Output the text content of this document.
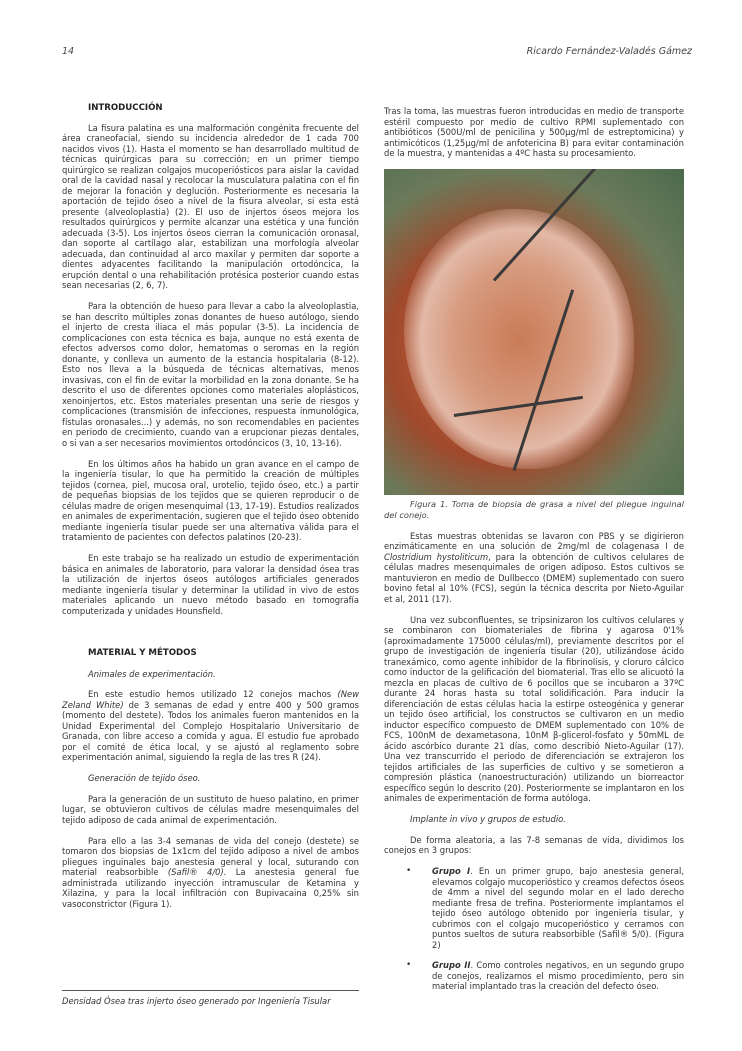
14	Ricardo Fernández-Valadés Gámez
INTRODUCCIÓN

La fisura palatina es una malformación congénita frecuente del área craneofacial, siendo su incidencia alrededor de 1 cada 700 nacidos vivos (1). Hasta el momento se han desarrollado multitud de técnicas quirúrgicas para su corrección; en un primer tiempo quirúrgico se realizan colgajos mucoperiósticos para aislar la cavidad oral de la cavidad nasal y recolocar la musculatura palatina con el fin de mejorar la fonación y deglución. Posteriormente es necesaria la aportación de tejido óseo a nivel de la fisura alveolar, si esta está presente (alveoloplastia) (2). El uso de injertos óseos mejora los resultados quirúrgicos y permite alcanzar una estética y una función adecuada (3-5). Los injertos óseos cierran la comunicación oronasal, dan soporte al cartílago alar, estabilizan una morfología alveolar adecuada, dan continuidad al arco maxilar y permiten dar soporte a dientes adyacentes facilitando la manipulación ortodóncica, la erupción dental o una rehabilitación protésica posterior cuando estas sean necesarias (2, 6, 7).

Para la obtención de hueso para llevar a cabo la alveoloplastia, se han descrito múltiples zonas donantes de hueso autólogo, siendo el injerto de cresta iliaca el más popular (3-5). La incidencia de complicaciones con esta técnica es baja, aunque no está exenta de efectos adversos como dolor, hematomas o seromas en la región donante, y conlleva un aumento de la estancia hospitalaria (8-12). Esto nos lleva a la búsqueda de técnicas alternativas, menos invasivas, con el fin de evitar la morbilidad en la zona donante. Se ha descrito el uso de diferentes opciones como materiales aloplásticos, xenoinjertos, etc. Estos materiales presentan una serie de riesgos y complicaciones (transmisión de infecciones, respuesta inmunológica, fístulas oronasales...) y además, no son recomendables en pacientes en periodo de crecimiento, cuando van a erupcionar piezas dentales, o si van a ser necesarios movimientos ortodóncicos (3, 10, 13-16).

En los últimos años ha habido un gran avance en el campo de la ingeniería tisular, lo que ha permitido la creación de múltiples tejidos (cornea, piel, mucosa oral, urotelio, tejido óseo, etc.) a partir de pequeñas biopsias de los tejidos que se quieren reproducir o de células madre de origen mesenquimal (13, 17-19). Estudios realizados en animales de experimentación, sugieren que el tejido óseo obtenido mediante ingeniería tisular puede ser una alternativa válida para el tratamiento de pacientes con defectos palatinos (20-23).

En este trabajo se ha realizado un estudio de experimentación básica en animales de laboratorio, para valorar la densidad ósea tras la utilización de injertos óseos autólogos artificiales generados mediante ingeniería tisular y determinar la utilidad in vivo de estos materiales aplicando un nuevo método basado en tomografía computerizada y unidades Hounsfield.

MATERIAL Y MÉTODOS

Animales de experimentación.

En este estudio hemos utilizado 12 conejos machos (New Zeland White) de 3 semanas de edad y entre 400 y 500 gramos (momento del destete). Todos los animales fueron mantenidos en la Unidad Experimental del Complejo Hospitalario Universitario de Granada, con libre acceso a comida y agua. El estudio fue aprobado por el comité de ética local, y se ajustó al reglamento sobre experimentación animal, siguiendo la regla de las tres R (24).

Generación de tejido óseo.

Para la generación de un sustituto de hueso palatino, en primer lugar, se obtuvieron cultivos de células madre mesenquimales del tejido adiposo de cada animal de experimentación.

Para ello a las 3-4 semanas de vida del conejo (destete) se tomaron dos biopsias de 1x1cm del tejido adiposo a nivel de ambos pliegues inguinales bajo anestesia general y local, suturando con material reabsorbible (Safil® 4/0). La anestesia general fue administrada utilizando inyección intramuscular de Ketamina y Xilazina, y para la local infiltración con Bupivacaina 0,25% sin vasoconstrictor (Figura 1).

Tras la toma, las muestras fueron introducidas en medio de transporte estéril compuesto por medio de cultivo RPMI suplementado con antibióticos (500U/ml de penicilina y 500µg/ml de estreptomicina) y antimicóticos (1,25µg/ml de anfotericina B) para evitar contaminación de la muestra, y mantenidas a 4ºC hasta su procesamiento.

Figura 1. Toma de biopsia de grasa a nivel del pliegue inguinal del conejo.

Estas muestras obtenidas se lavaron con PBS y se digirieron enzimáticamente en una solución de 2mg/ml de colagenasa I de Clostridium hystoliticum, para la obtención de cultivos celulares de células madres mesenquimales de origen adiposo. Estos cultivos se mantuvieron en medio de Dullbecco (DMEM) suplementado con suero bovino fetal al 10% (FCS), según la técnica descrita por Nieto-Aguilar et al, 2011 (17).

Una vez subconfluentes, se tripsinizaron los cultivos celulares y se combinaron con biomateriales de fibrina y agarosa 0'1% (aproximadamente 175000 células/ml), previamente descritos por el grupo de investigación de ingeniería tisular (20), utilizándose ácido tranexámico, como agente inhibidor de la fibrinolisis, y cloruro cálcico como inductor de la gelificación del biomaterial. Tras ello se alicuotó la mezcla en placas de cultivo de 6 pocillos que se incubaron a 37ºC durante 24 horas hasta su total solidificación. Para inducir la diferenciación de estas células hacia la estirpe osteogénica y generar un tejido óseo artificial, los constructos se cultivaron en un medio inductor específico compuesto de DMEM suplementado con 10% de FCS, 100nM de dexametasona, 10nM β-glicerol-fosfato y 50mML de ácido ascórbico durante 21 días, como describió Nieto-Aguilar (17). Una vez transcurrido el periodo de diferenciación se extrajeron los tejidos artificiales de las superficies de cultivo y se sometieron a compresión plástica (nanoestructuración) utilizando un biorreactor específico según lo descrito (20). Posteriormente se implantaron en los animales de experimentación de forma autóloga.

Implante in vivo y grupos de estudio.

De forma aleatoria, a las 7-8 semanas de vida, dividimos los conejos en 3 grupos:

• Grupo I. En un primer grupo, bajo anestesia general, elevamos colgajo mucoperióstico y creamos defectos óseos de 4mm a nivel del segundo molar en el lado derecho mediante fresa de trefina. Posteriormente implantamos el tejido óseo autólogo obtenido por ingeniería tisular, y cubrimos con el colgajo mucoperióstico y cerramos con puntos sueltos de sutura reabsorbible (Safil® 5/0). (Figura 2)
• Grupo II. Como controles negativos, en un segundo grupo de conejos, realizamos el mismo procedimiento, pero sin material implantado tras la creación del defecto óseo.
Densidad Ósea tras injerto óseo generado por Ingeniería Tisular
